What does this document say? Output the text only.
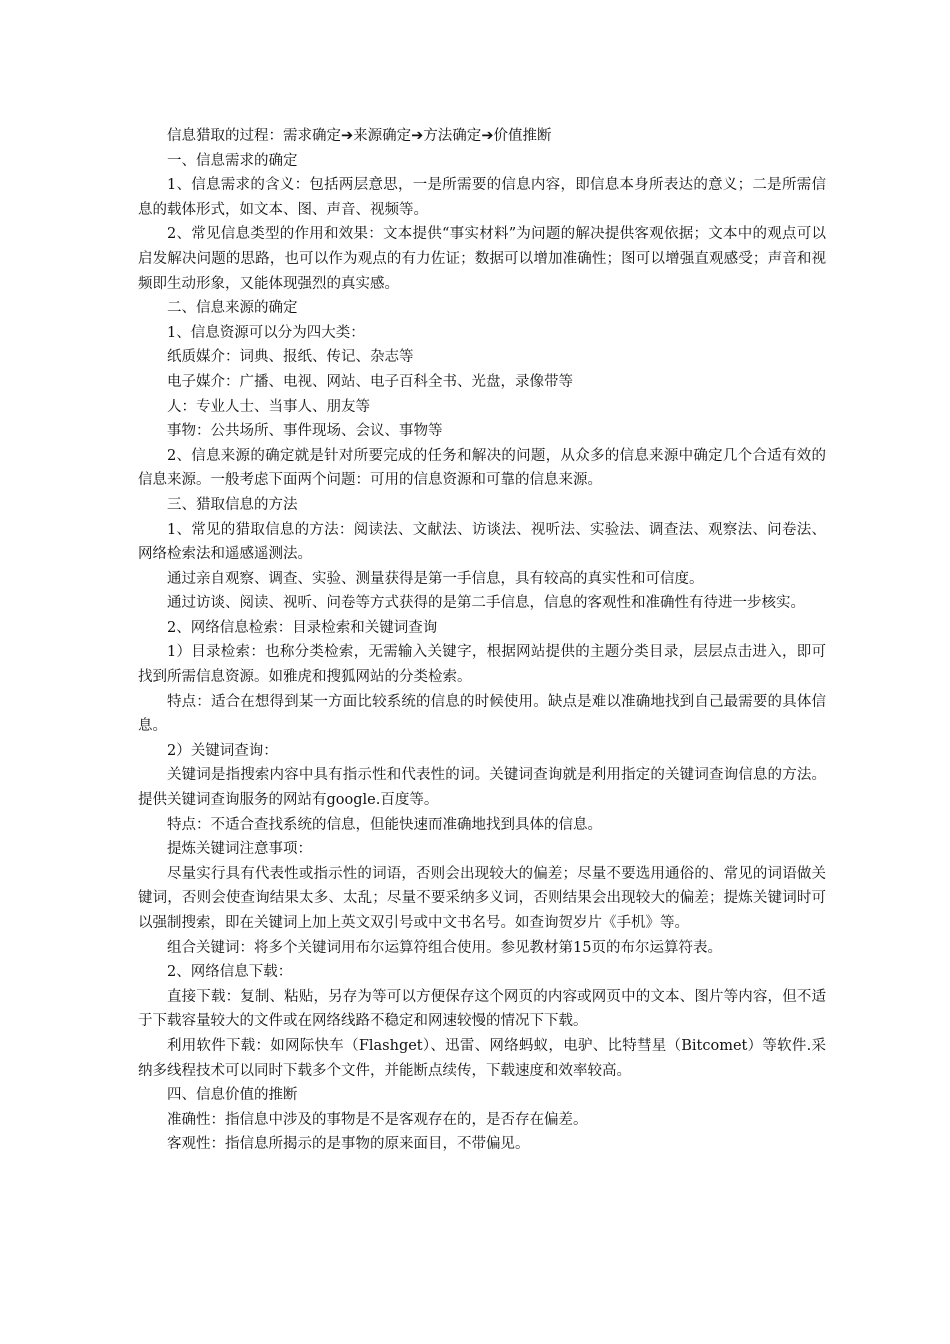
信息猎取的过程：需求确定➔来源确定➔方法确定➔价值推断

一、信息需求的确定

1、信息需求的含义：包括两层意思，一是所需要的信息内容，即信息本身所表达的意义；二是所需信息的载体形式，如文本、图、声音、视频等。

2、常见信息类型的作用和效果：文本提供“事实材料”为问题的解决提供客观依据；文本中的观点可以启发解决问题的思路，也可以作为观点的有力佐证；数据可以增加准确性；图可以增强直观感受；声音和视频即生动形象，又能体现强烈的真实感。

二、信息来源的确定

1、信息资源可以分为四大类：

纸质媒介：词典、报纸、传记、杂志等

电子媒介：广播、电视、网站、电子百科全书、光盘，录像带等

人：专业人士、当事人、朋友等

事物：公共场所、事件现场、会议、事物等

2、信息来源的确定就是针对所要完成的任务和解决的问题，从众多的信息来源中确定几个合适有效的信息来源。一般考虑下面两个问题：可用的信息资源和可靠的信息来源。

三、猎取信息的方法

1、常见的猎取信息的方法：阅读法、文献法、访谈法、视听法、实验法、调查法、观察法、问卷法、网络检索法和遥感遥测法。

通过亲自观察、调查、实验、测量获得是第一手信息，具有较高的真实性和可信度。

通过访谈、阅读、视听、问卷等方式获得的是第二手信息，信息的客观性和准确性有待进一步核实。

2、网络信息检索：目录检索和关键词查询

1）目录检索：也称分类检索，无需输入关键字，根据网站提供的主题分类目录，层层点击进入，即可找到所需信息资源。如雅虎和搜狐网站的分类检索。

特点：适合在想得到某一方面比较系统的信息的时候使用。缺点是难以准确地找到自己最需要的具体信息。

2）关键词查询：

关键词是指搜索内容中具有指示性和代表性的词。关键词查询就是利用指定的关键词查询信息的方法。提供关键词查询服务的网站有google.百度等。

特点：不适合查找系统的信息，但能快速而准确地找到具体的信息。

提炼关键词注意事项：

尽量实行具有代表性或指示性的词语，否则会出现较大的偏差；尽量不要选用通俗的、常见的词语做关键词，否则会使查询结果太多、太乱；尽量不要采纳多义词，否则结果会出现较大的偏差；提炼关键词时可以强制搜索，即在关键词上加上英文双引号或中文书名号。如查询贺岁片《手机》等。

组合关键词：将多个关键词用布尔运算符组合使用。参见教材第15页的布尔运算符表。

2、网络信息下载：

直接下载：复制、粘贴，另存为等可以方便保存这个网页的内容或网页中的文本、图片等内容，但不适于下载容量较大的文件或在网络线路不稳定和网速较慢的情况下下载。

利用软件下载：如网际快车（Flashget）、迅雷、网络蚂蚁，电驴、比特彗星（Bitcomet）等软件.采纳多线程技术可以同时下载多个文件，并能断点续传，下载速度和效率较高。

四、信息价值的推断

准确性：指信息中涉及的事物是不是客观存在的，是否存在偏差。

客观性：指信息所揭示的是事物的原来面目，不带偏见。
